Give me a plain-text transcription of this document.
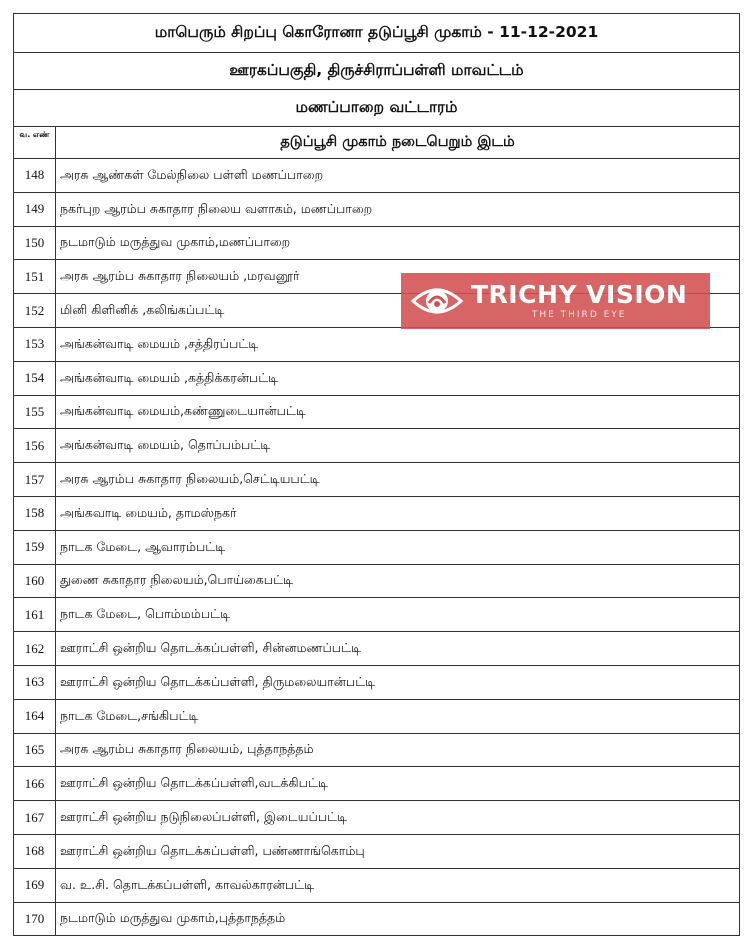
மாபெரும் சிறப்பு கொரோனா தடுப்பூசி முகாம் - 11-12-2021	
ஊரகப்பகுதி, திருச்சிராப்பள்ளி மாவட்டம்	
மணப்பாறை வட்டாரம்	
வ. எண்	தடுப்பூசி முகாம் நடைபெறும் இடம்
148	அரசு ஆண்கள் மேல்நிலை பள்ளி மணப்பாறை
149	நகர்புற ஆரம்ப சுகாதார நிலைய வளாகம், மணப்பாறை
150	நடமாடும் மருத்துவ முகாம்,மணப்பாறை
151	அரசு ஆரம்ப சுகாதார நிலையம் ,மரவனூர்
152	மினி கிளினிக் ,கலிங்கப்பட்டி
153	அங்கன்வாடி மையம் ,சத்திரப்பட்டி
154	அங்கன்வாடி மையம் ,கத்திக்கரன்பட்டி
155	அங்கன்வாடி மையம்,கண்ணுடையான்பட்டி
156	அங்கன்வாடி மையம், தொப்பம்பட்டி
157	அரசு ஆரம்ப சுகாதார நிலையம்,செட்டியபட்டி
158	அங்கவாடி மையம், தாமஸ்நகர்
159	நாடக மேடை, ஆவாரம்பட்டி
160	துணை சுகாதார நிலையம்,பொய்கைபட்டி
161	நாடக மேடை, பொம்மம்பட்டி
162	ஊராட்சி ஒன்றிய தொடக்கப்பள்ளி, சின்னமணப்பட்டி
163	ஊராட்சி ஒன்றிய தொடக்கப்பள்ளி, திருமலையான்பட்டி
164	நாடக மேடை,சங்கிபட்டி
165	அரசு ஆரம்ப சுகாதார நிலையம், புத்தாநத்தம்
166	ஊராட்சி ஒன்றிய தொடக்கப்பள்ளி,வடக்கிபட்டி
167	ஊராட்சி ஒன்றிய நடுநிலைப்பள்ளி, இடையப்பட்டி
168	ஊராட்சி ஒன்றிய தொடக்கப்பள்ளி, பண்ணாங்கொம்பு
169	வ. உ.சி. தொடக்கப்பள்ளி, காவல்காரன்பட்டி
170	நடமாடும் மருத்துவ முகாம்,புத்தாநத்தம்
TRICHY VISION
THE THIRD EYE
